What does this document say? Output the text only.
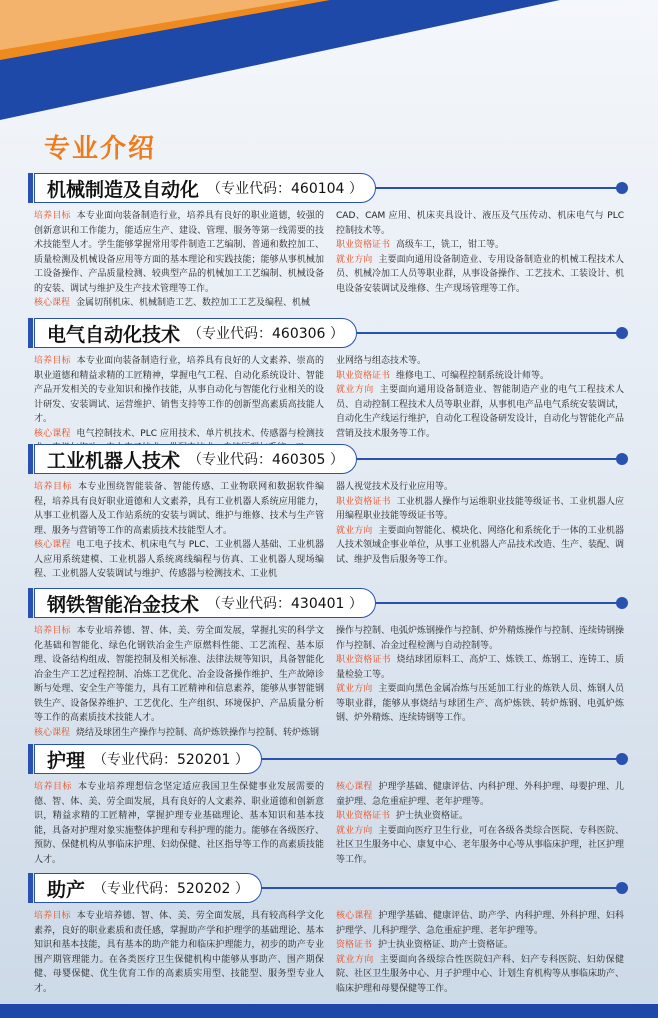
专业介绍
机械制造及自动化 （专业代码：460104 ）

培养目标 本专业面向装备制造行业，培养具有良好的职业道德，较强的创新意识和工作能力，能适应生产、建设、管理、服务等第一线需要的技术技能型人才。学生能够掌握常用零件制造工艺编制、普通和数控加工、质量检测及机械设备应用等方面的基本理论和实践技能；能够从事机械加工设备操作、产品质量检测、较典型产品的机械加工工艺编制、机械设备的安装、调试与维护及生产技术管理等工作。

核心课程 金属切削机床、机械制造工艺、数控加工工艺及编程、机械

CAD、CAM 应用、机床夹具设计、液压及气压传动、机床电气与 PLC 控制技术等。

职业资格证书 高级车工，铣工，钳工等。

就业方向 主要面向通用设备制造业、专用设备制造业的机械工程技术人员、机械冷加工人员等职业群，从事设备操作、工艺技术、工装设计、机电设备安装调试及维修、生产现场管理等工作。

电气自动化技术 （专业代码：460306 ）

培养目标 本专业面向装备制造行业，培养具有良好的人文素养、崇高的职业道德和精益求精的工匠精神，掌握电气工程、自动化系统设计、智能产品开发相关的专业知识和操作技能，从事自动化与智能化行业相关的设计研发、安装调试、运营维护、销售支持等工作的创新型高素质高技能人才。

核心课程 电气控制技术、PLC 应用技术、单片机技术、传感器与检测技

业网络与组态技术等。

职业资格证书 维修电工、可编程控制系统设计师等。

就业方向 主要面向通用设备制造业、智能制造产业的电气工程技术人员、自动控制工程技术人员等职业群，从事机电产品电气系统安装调试，自动化生产线运行维护，自动化工程设备研发设计，自动化与智能化产品营销及技术服务等工作。

工业机器人技术 （专业代码：460305 ）

培养目标 本专业围绕智能装备、智能传感、工业物联网和数据软件编程，培养具有良好职业道德和人文素养，具有工业机器人系统应用能力，从事工业机器人及工作站系统的安装与调试、维护与维修、技术与生产管理、服务与营销等工作的高素质技术技能型人才。

核心课程 电工电子技术、机床电气与 PLC、工业机器人基础、工业机器人应用系统建模、工业机器人系统离线编程与仿真、工业机器人现场编程、工业机器人安装调试与维护、传感器与检测技术、工业机

器人视觉技术及行业应用等。

职业资格证书 工业机器人操作与运维职业技能等级证书、工业机器人应用编程职业技能等级证书等。

就业方向 主要面向智能化、模块化、网络化和系统化于一体的工业机器人技术领域企事业单位，从事工业机器人产品技术改造、生产、装配、调试、维护及售后服务等工作。

钢铁智能冶金技术 （专业代码：430401 ）

培养目标 本专业培养德、智、体、美、劳全面发展，掌握扎实的科学文化基础和智能化、绿色化钢铁冶金生产原燃料性能、工艺流程、基本原理、设备结构组成、智能控制及相关标准、法律法规等知识，具备智能化冶金生产工艺过程控制、冶炼工艺优化、冶金设备操作维护、生产故障诊断与处理、安全生产等能力，具有工匠精神和信息素养，能够从事智能钢铁生产、设备保养维护、工艺优化、生产组织、环境保护、产品质量分析等工作的高素质技术技能人才。

核心课程 烧结及球团生产操作与控制、高炉炼铁操作与控制、转炉炼钢

操作与控制、电弧炉炼钢操作与控制、炉外精炼操作与控制、连续铸钢操作与控制、冶金过程检测与自动控制等。

职业资格证书 烧结球团原料工、高炉工、炼铁工、炼钢工、连铸工、质量检验工等。

就业方向 主要面向黑色金属冶炼与压延加工行业的炼铁人员、炼钢人员等职业群，能够从事烧结与球团生产、高炉炼铁、转炉炼钢、电弧炉炼钢、炉外精炼、连续铸钢等工作。

护理 （专业代码：520201 ）

培养目标 本专业培养理想信念坚定适应我国卫生保健事业发展需要的德、智、体、美、劳全面发展，具有良好的人文素养、职业道德和创新意识，精益求精的工匠精神，掌握护理专业基础理论、基本知识和基本技能，具备对护理对象实施整体护理和专科护理的能力。能够在各级医疗、预防、保健机构从事临床护理、妇幼保健、社区指导等工作的高素质技能人才。

核心课程 护理学基础、健康评估、内科护理、外科护理、母婴护理、儿童护理、急危重症护理、老年护理等。

职业资格证书 护士执业资格证。

就业方向 主要面向医疗卫生行业，可在各级各类综合医院、专科医院、社区卫生服务中心、康复中心、老年服务中心等从事临床护理，社区护理等工作。

助产 （专业代码：520202 ）

培养目标 本专业培养德、智、体、美、劳全面发展，具有较高科学文化素养，良好的职业素质和责任感，掌握助产学和护理学的基础理论、基本知识和基本技能，具有基本的助产能力和临床护理能力，初步的助产专业围产期管理能力。在各类医疗卫生保健机构中能够从事助产、围产期保健、母婴保健、优生优育工作的高素质实用型、技能型、服务型专业人才。

核心课程 护理学基础、健康评估、助产学、内科护理、外科护理、妇科护理学、儿科护理学、急危重症护理、老年护理等。

资格证书 护士执业资格证、助产士资格证。

就业方向 主要面向各级综合性医院妇产科、妇产专科医院、妇幼保健院、社区卫生服务中心、月子护理中心、计划生育机构等从事临床助产、临床护理和母婴保健等工作。
